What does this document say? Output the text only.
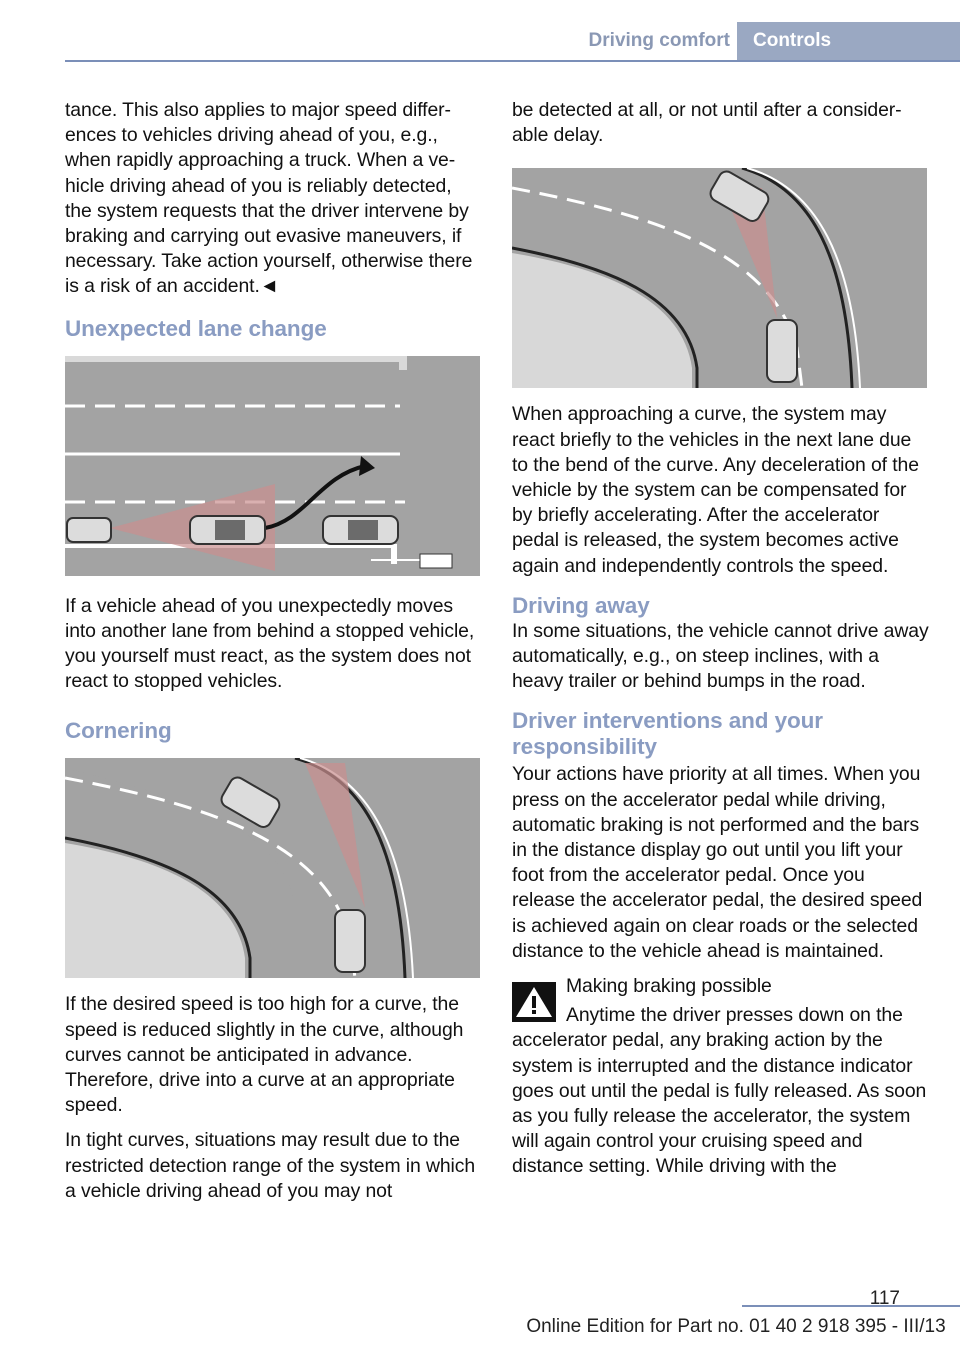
Driving comfort	Controls

tance. This also applies to major speed differences to vehicles driving ahead of you, e.g., when rapidly approaching a truck. When a vehicle driving ahead of you is reliably detected, the system requests that the driver intervene by braking and carrying out evasive maneuvers, if necessary. Take action yourself, otherwise there is a risk of an accident.◄

Unexpected lane change

If a vehicle ahead of you unexpectedly moves into another lane from behind a stopped vehicle, you yourself must react, as the system does not react to stopped vehicles.

Cornering

If the desired speed is too high for a curve, the speed is reduced slightly in the curve, although curves cannot be anticipated in advance. Therefore, drive into a curve at an appropriate speed.

In tight curves, situations may result due to the restricted detection range of the system in which a vehicle driving ahead of you may not

be detected at all, or not until after a considerable delay.

When approaching a curve, the system may react briefly to the vehicles in the next lane due to the bend of the curve. Any deceleration of the vehicle by the system can be compensated for by briefly accelerating. After the accelerator pedal is released, the system becomes active again and independently controls the speed.

Driving away

In some situations, the vehicle cannot drive away automatically, e.g., on steep inclines, with a heavy trailer or behind bumps in the road.

Driver interventions and your responsibility

Your actions have priority at all times. When you press on the accelerator pedal while driving, automatic braking is not performed and the bars in the distance display go out until you lift your foot from the accelerator pedal. Once you release the accelerator pedal, the desired speed is achieved again on clear roads or the selected distance to the vehicle ahead is maintained.

Making braking possible

Anytime the driver presses down on the accelerator pedal, any braking action by the system is interrupted and the distance indicator goes out until the pedal is fully released. As soon as you fully release the accelerator, the system will again control your cruising speed and distance setting. While driving with the

117
Online Edition for Part no. 01 40 2 918 395 - III/13
